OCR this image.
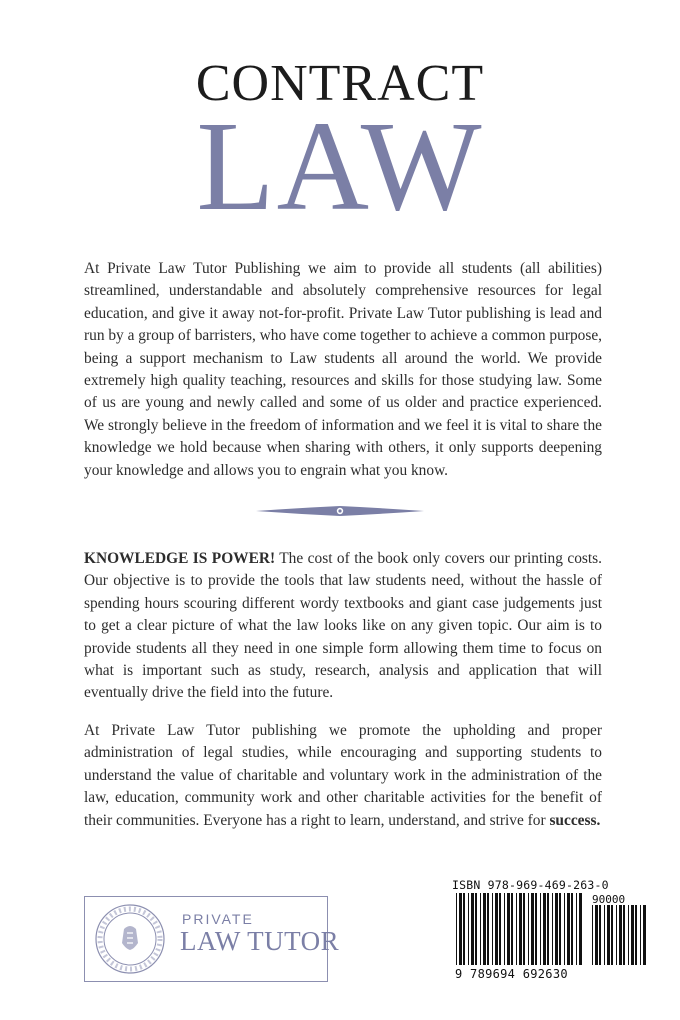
CONTRACT
LAW

At Private Law Tutor Publishing we aim to provide all students (all abilities) streamlined, understandable and absolutely comprehensive resources for legal education, and give it away not-for-profit. Private Law Tutor publishing is lead and run by a group of barristers, who have come together to achieve a common purpose, being a support mechanism to Law students all around the world. We provide extremely high quality teaching, resources and skills for those studying law. Some of us are young and newly called and some of us older and practice experienced. We strongly believe in the freedom of information and we feel it is vital to share the knowledge we hold because when sharing with others, it only supports deepening your knowledge and allows you to engrain what you know.

KNOWLEDGE IS POWER! The cost of the book only covers our printing costs. Our objective is to provide the tools that law students need, without the hassle of spending hours scouring different wordy textbooks and giant case judgements just to get a clear picture of what the law looks like on any given topic. Our aim is to provide students all they need in one simple form allowing them time to focus on what is important such as study, research, analysis and application that will eventually drive the field into the future.

At Private Law Tutor publishing we promote the upholding and proper administration of legal studies, while encouraging and supporting students to understand the value of charitable and voluntary work in the administration of the law, education, community work and other charitable activities for the benefit of their communities. Everyone has a right to learn, understand, and strive for success.

PRIVATE
LAW TUTOR
ISBN 978-969-469-263-0
90000
9 789694 692630
